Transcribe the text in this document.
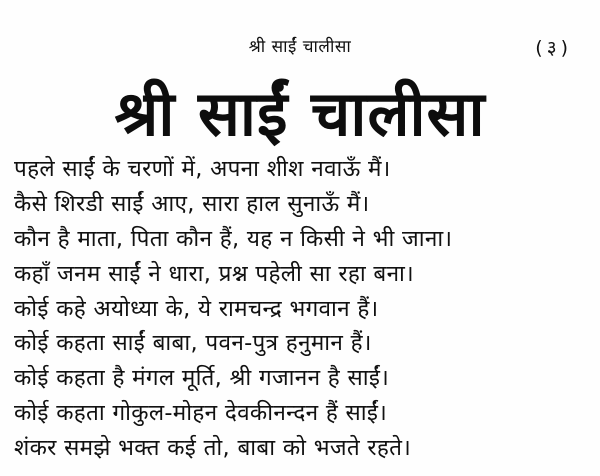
श्री साईं चालीसा	(३)
श्री साईं चालीसा
पहले साईं के चरणों में, अपना शीश नवाऊँ मैं।
कैसे शिरडी साईं आए, सारा हाल सुनाऊँ मैं।
कौन है माता, पिता कौन हैं, यह न किसी ने भी जाना।
कहाँ जनम साईं ने धारा, प्रश्न पहेली सा रहा बना।
कोई कहे अयोध्या के, ये रामचन्द्र भगवान हैं।
कोई कहता साईं बाबा, पवन-पुत्र हनुमान हैं।
कोई कहता है मंगल मूर्ति, श्री गजानन है साईं।
कोई कहता गोकुल-मोहन देवकीनन्दन हैं साईं।
शंकर समझे भक्त कई तो, बाबा को भजते रहते।
